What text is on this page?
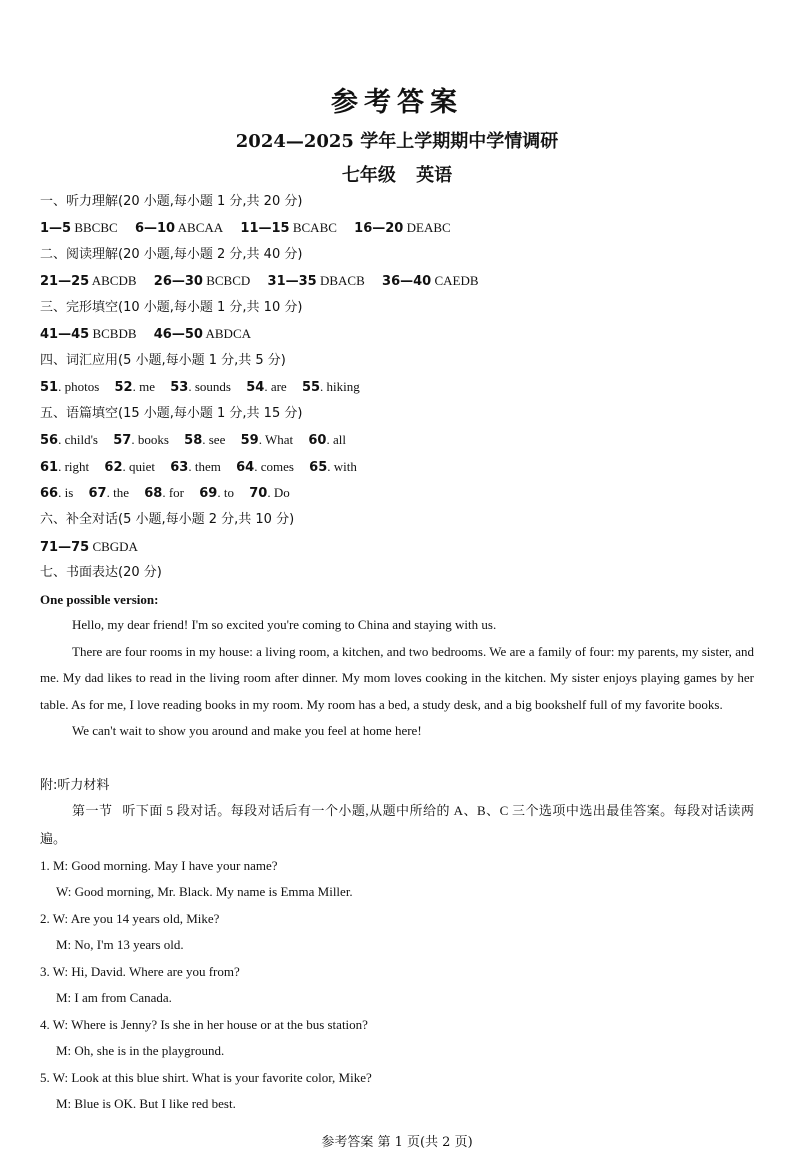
参考答案
2024—2025 学年上学期期中学情调研
七年级 英语
一、听力理解(20 小题,每小题 1 分,共 20 分)
1—5 BBCBC 6—10 ABCAA 11—15 BCABC 16—20 DEABC
二、阅读理解(20 小题,每小题 2 分,共 40 分)
21—25 ABCDB 26—30 BCBCD 31—35 DBACB 36—40 CAEDB
三、完形填空(10 小题,每小题 1 分,共 10 分)
41—45 BCBDB 46—50 ABDCA
四、词汇应用(5 小题,每小题 1 分,共 5 分)
51. photos 52. me 53. sounds 54. are 55. hiking
五、语篇填空(15 小题,每小题 1 分,共 15 分)
56. child's 57. books 58. see 59. What 60. all
61. right 62. quiet 63. them 64. comes 65. with
66. is 67. the 68. for 69. to 70. Do
六、补全对话(5 小题,每小题 2 分,共 10 分)
71—75 CBGDA
七、书面表达(20 分)
One possible version:

Hello, my dear friend! I'm so excited you're coming to China and staying with us.

There are four rooms in my house: a living room, a kitchen, and two bedrooms. We are a family of four: my parents, my sister, and me. My dad likes to read in the living room after dinner. My mom loves cooking in the kitchen. My sister enjoys playing games by her table. As for me, I love reading books in my room. My room has a bed, a study desk, and a big bookshelf full of my favorite books.

We can't wait to show you around and make you feel at home here!

附:听力材料
第一节 听下面 5 段对话。每段对话后有一个小题,从题中所给的 A、B、C 三个选项中选出最佳答案。每段对话读两遍。
1. M: Good morning. May I have your name?
W: Good morning, Mr. Black. My name is Emma Miller.
2. W: Are you 14 years old, Mike?
M: No, I'm 13 years old.
3. W: Hi, David. Where are you from?
M: I am from Canada.
4. W: Where is Jenny? Is she in her house or at the bus station?
M: Oh, she is in the playground.
5. W: Look at this blue shirt. What is your favorite color, Mike?
M: Blue is OK. But I like red best.
参考答案 第 1 页(共 2 页)
